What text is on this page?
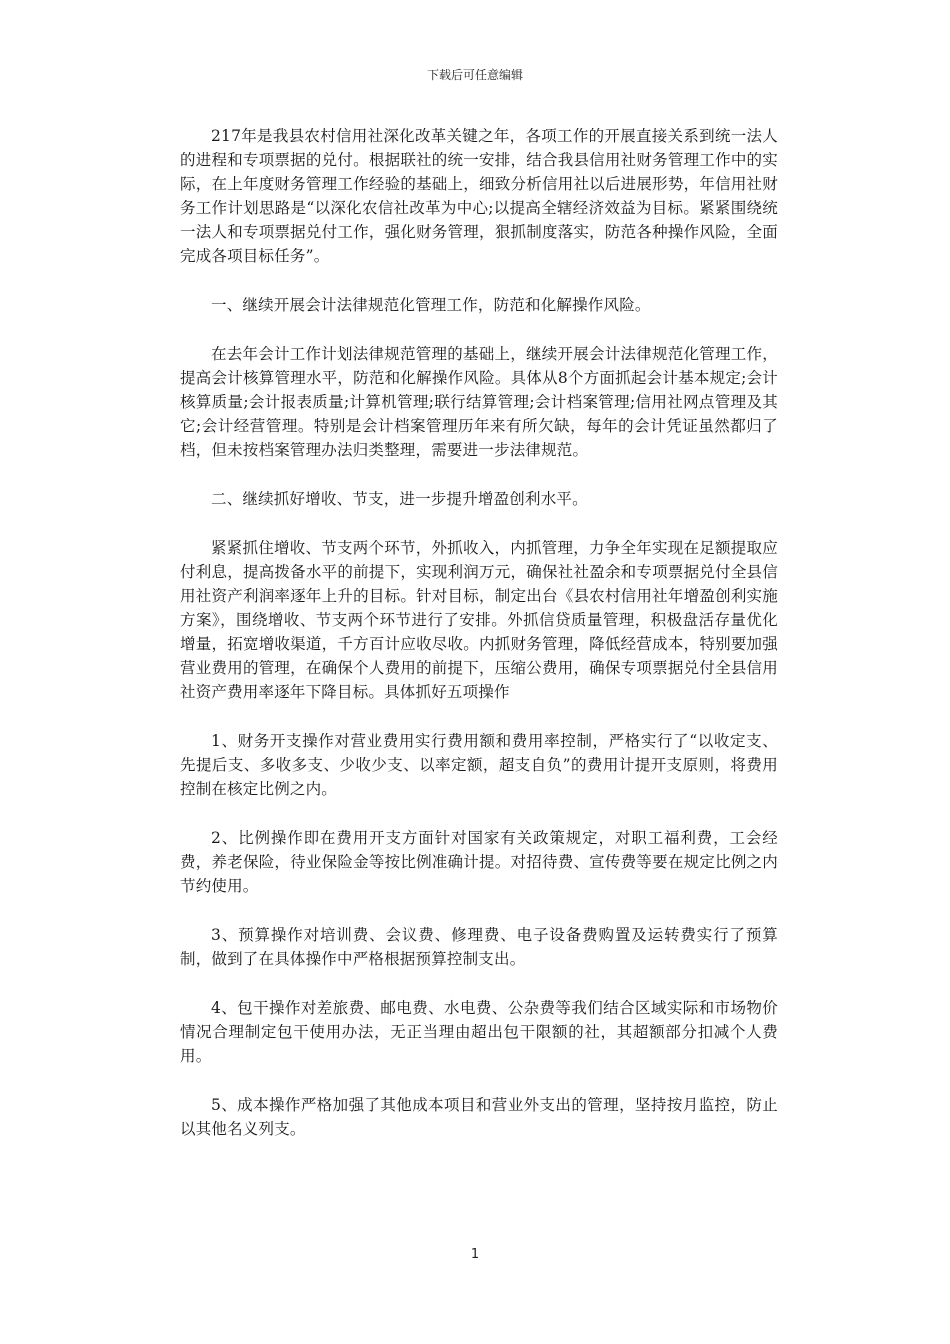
下载后可任意编辑

217年是我县农村信用社深化改革关键之年，各项工作的开展直接关系到统一法人的进程和专项票据的兑付。根据联社的统一安排，结合我县信用社财务管理工作中的实际，在上年度财务管理工作经验的基础上，细致分析信用社以后进展形势，年信用社财务工作计划思路是“以深化农信社改革为中心;以提高全辖经济效益为目标。紧紧围绕统一法人和专项票据兑付工作，强化财务管理，狠抓制度落实，防范各种操作风险，全面完成各项目标任务”。

一、继续开展会计法律规范化管理工作，防范和化解操作风险。

在去年会计工作计划法律规范管理的基础上，继续开展会计法律规范化管理工作，提高会计核算管理水平，防范和化解操作风险。具体从8个方面抓起会计基本规定;会计核算质量;会计报表质量;计算机管理;联行结算管理;会计档案管理;信用社网点管理及其它;会计经营管理。特别是会计档案管理历年来有所欠缺，每年的会计凭证虽然都归了档，但未按档案管理办法归类整理，需要进一步法律规范。

二、继续抓好增收、节支，进一步提升增盈创利水平。

紧紧抓住增收、节支两个环节，外抓收入，内抓管理，力争全年实现在足额提取应付利息，提高拨备水平的前提下，实现利润万元，确保社社盈余和专项票据兑付全县信用社资产利润率逐年上升的目标。针对目标，制定出台《县农村信用社年增盈创利实施方案》，围绕增收、节支两个环节进行了安排。外抓信贷质量管理，积极盘活存量优化增量，拓宽增收渠道，千方百计应收尽收。内抓财务管理，降低经营成本，特别要加强营业费用的管理，在确保个人费用的前提下，压缩公费用，确保专项票据兑付全县信用社资产费用率逐年下降目标。具体抓好五项操作

1、财务开支操作对营业费用实行费用额和费用率控制，严格实行了“以收定支、先提后支、多收多支、少收少支、以率定额，超支自负”的费用计提开支原则，将费用控制在核定比例之内。

2、比例操作即在费用开支方面针对国家有关政策规定，对职工福利费，工会经费，养老保险，待业保险金等按比例准确计提。对招待费、宣传费等要在规定比例之内节约使用。

3、预算操作对培训费、会议费、修理费、电子设备费购置及运转费实行了预算制，做到了在具体操作中严格根据预算控制支出。

4、包干操作对差旅费、邮电费、水电费、公杂费等我们结合区域实际和市场物价情况合理制定包干使用办法，无正当理由超出包干限额的社，其超额部分扣减个人费用。

5、成本操作严格加强了其他成本项目和营业外支出的管理，坚持按月监控，防止以其他名义列支。

1
